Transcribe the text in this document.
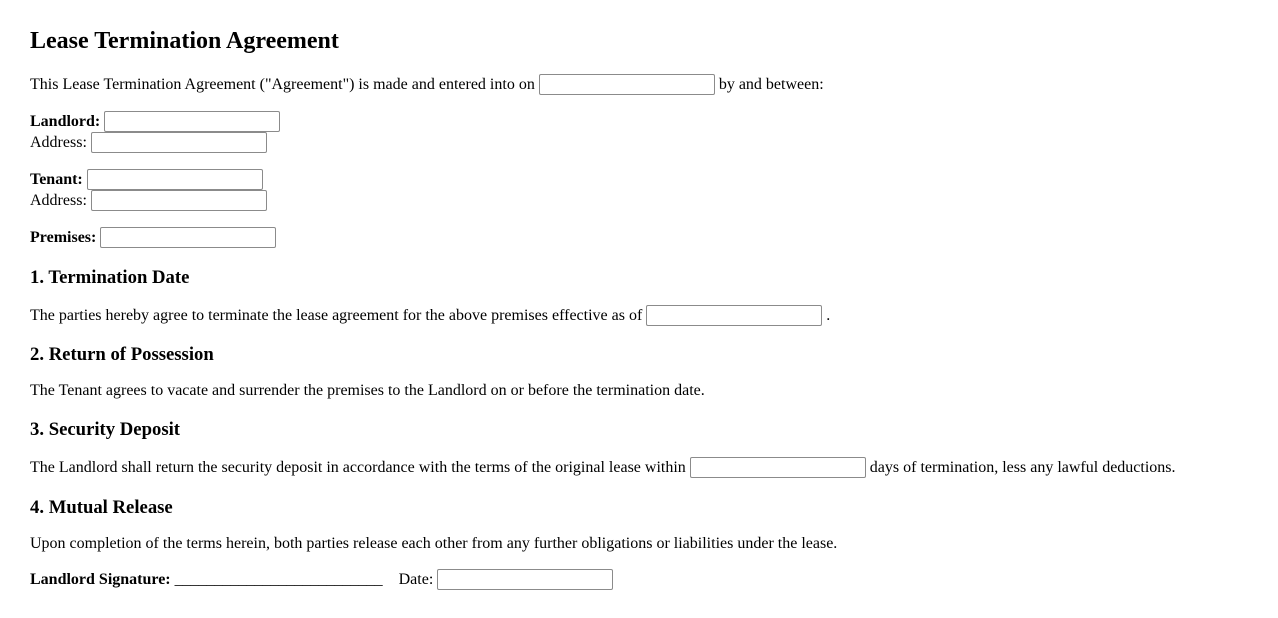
Lease Termination Agreement

This Lease Termination Agreement ("Agreement") is made and entered into on	by and between:

Landlord:
Address:

Tenant:
Address:

Premises:

1. Termination Date

The parties hereby agree to terminate the lease agreement for the above premises effective as of	.

2. Return of Possession

The Tenant agrees to vacate and surrender the premises to the Landlord on or before the termination date.

3. Security Deposit

The Landlord shall return the security deposit in accordance with the terms of the original lease within	days of termination, less any lawful deductions.

4. Mutual Release

Upon completion of the terms herein, both parties release each other from any further obligations or liabilities under the lease.

Landlord Signature: __________________________ Date:
